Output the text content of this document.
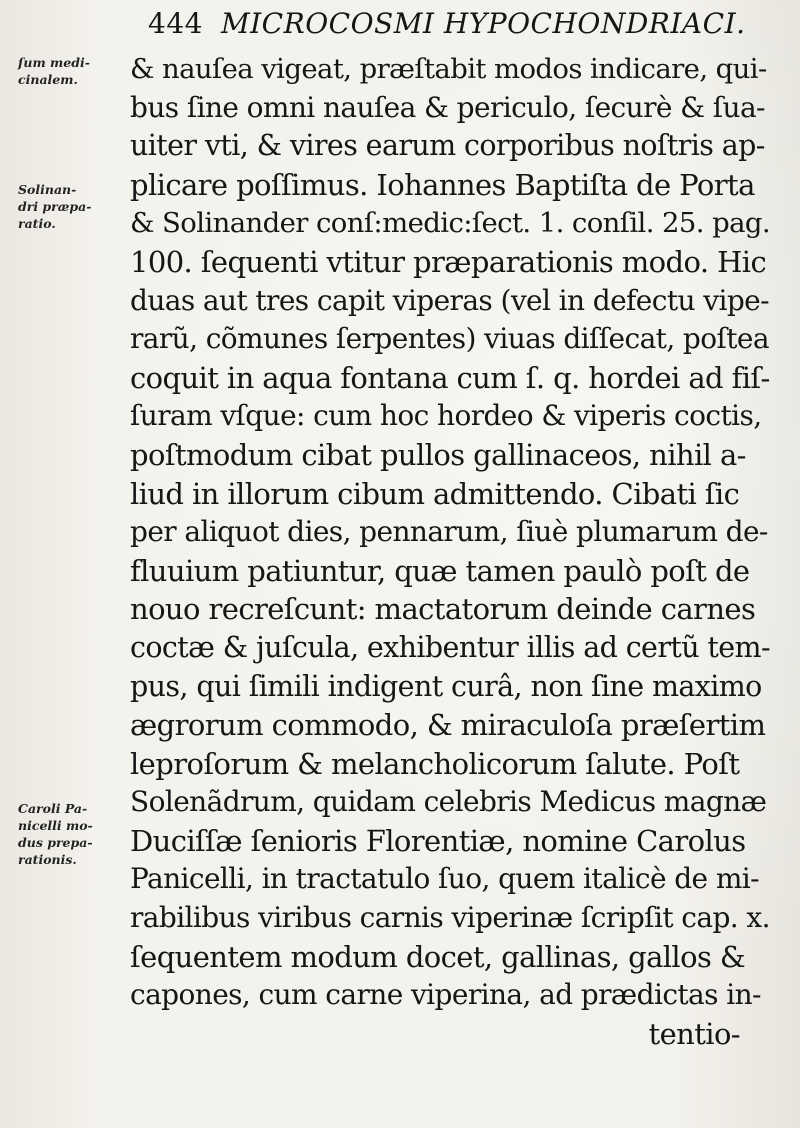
444 MICROCOSMI HYPOCHONDRIACI.

ſum medi-
cinalem.
Solinan-
dri præpa-
ratio.
Caroli Pa-
nicelli mo-
dus prepa-
rationis.
& nauſea vigeat, præſtabit modos indicare, qui-
bus ſine omni nauſea & periculo, ſecurè & ſua-
uiter vti, & vires earum corporibus noſtris ap-
plicare poſſimus. Iohannes Baptiſta de Porta
& Solinander conſ:medic:ſect. 1. conſil. 25. pag.
100. ſequenti vtitur præparationis modo. Hic
duas aut tres capit viperas (vel in defectu vipe-
rarũ, cõmunes ſerpentes) viuas diſſecat, poſtea
coquit in aqua fontana cum ſ. q. hordei ad fiſ-
ſuram vſque: cum hoc hordeo & viperis coctis,
poſtmodum cibat pullos gallinaceos, nihil a-
liud in illorum cibum admittendo. Cibati ſic
per aliquot dies, pennarum, ſiuè plumarum de-
fluuium patiuntur, quæ tamen paulò poſt de
nouo recreſcunt: mactatorum deinde carnes
coctæ & juſcula, exhibentur illis ad certũ tem-
pus, qui ſimili indigent curâ, non ſine maximo
ægrorum commodo, & miraculoſa præſertim
leproſorum & melancholicorum ſalute. Poſt
Solenãdrum, quidam celebris Medicus magnæ
Duciſſæ ſenioris Florentiæ, nomine Carolus
Panicelli, in tractatulo ſuo, quem italicè de mi-
rabilibus viribus carnis viperinæ ſcripſit cap. x.
ſequentem modum docet, gallinas, gallos &
capones, cum carne viperina, ad prædictas in-
tentio-
